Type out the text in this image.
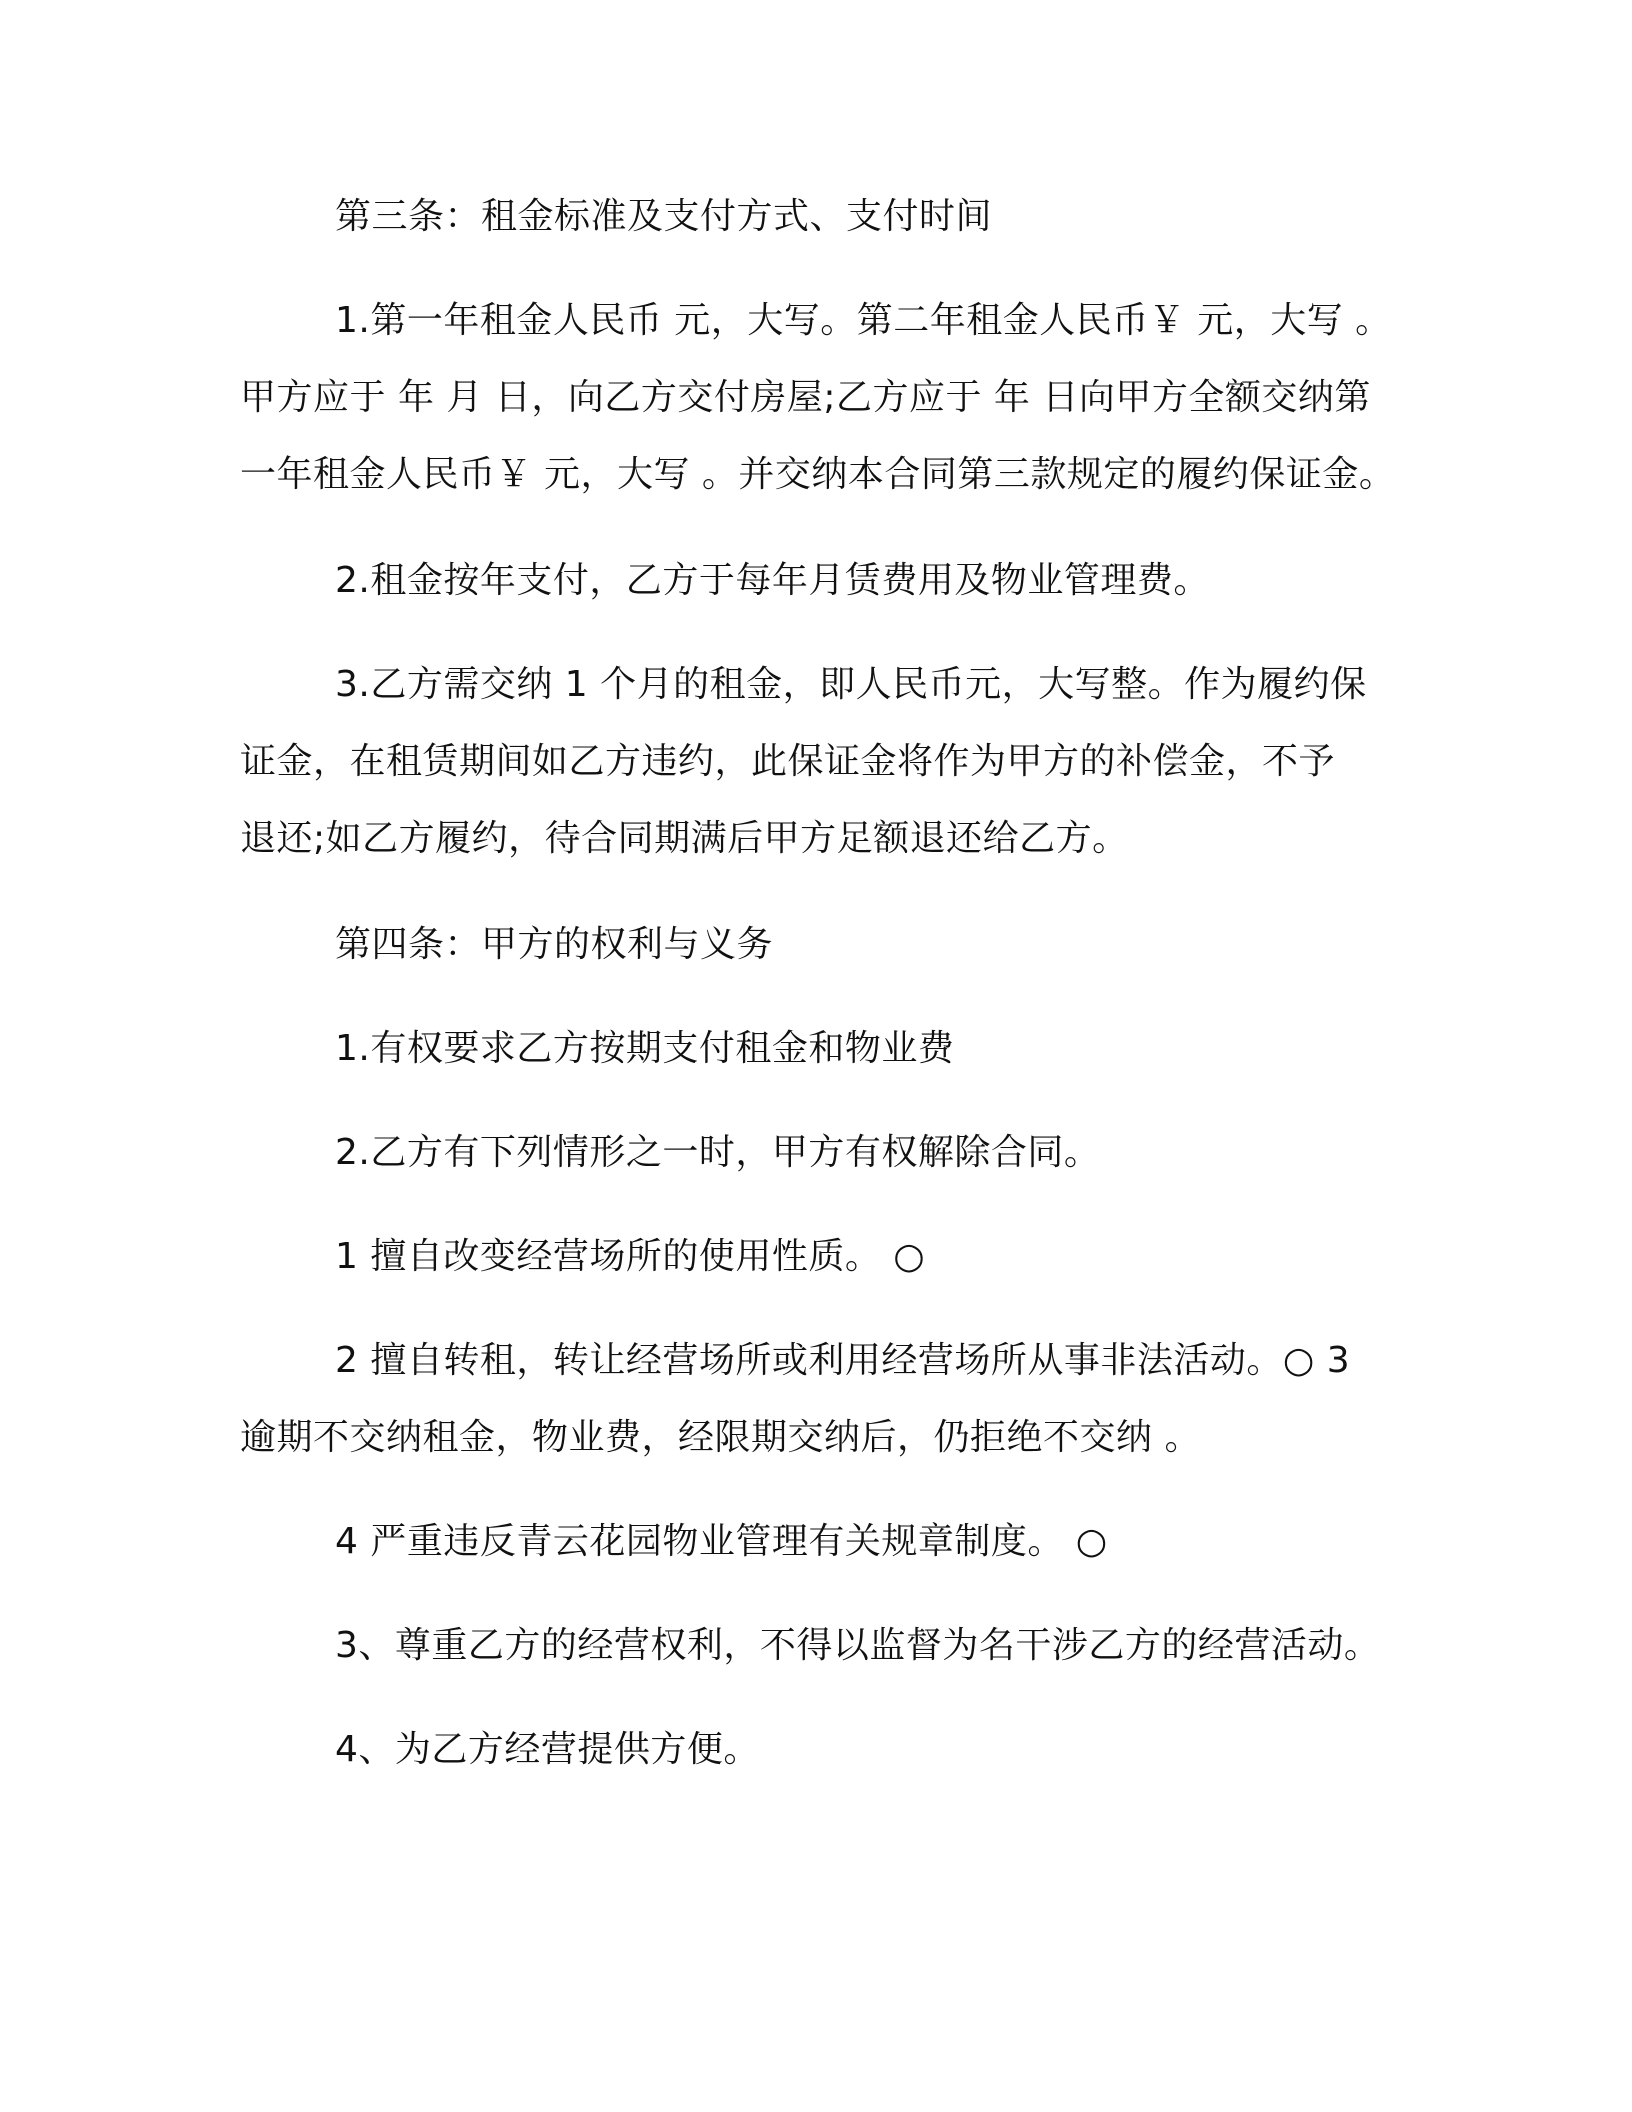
第三条：租金标准及支付方式、支付时间
1.第一年租金人民币 元，大写。第二年租金人民币￥ 元，大写 。
甲方应于 年 月 日，向乙方交付房屋;乙方应于 年 日向甲方全额交纳第
一年租金人民币￥ 元，大写 。并交纳本合同第三款规定的履约保证金。
2.租金按年支付，乙方于每年月赁费用及物业管理费。
3.乙方需交纳 1 个月的租金，即人民币元，大写整。作为履约保
证金，在租赁期间如乙方违约，此保证金将作为甲方的补偿金，不予
退还;如乙方履约，待合同期满后甲方足额退还给乙方。
第四条：甲方的权利与义务
1.有权要求乙方按期支付租金和物业费
2.乙方有下列情形之一时，甲方有权解除合同。
1 擅自改变经营场所的使用性质。 ○
2 擅自转租，转让经营场所或利用经营场所从事非法活动。○ 3
逾期不交纳租金，物业费，经限期交纳后，仍拒绝不交纳 。
4 严重违反青云花园物业管理有关规章制度。 ○
3、尊重乙方的经营权利，不得以监督为名干涉乙方的经营活动。
4、为乙方经营提供方便。
